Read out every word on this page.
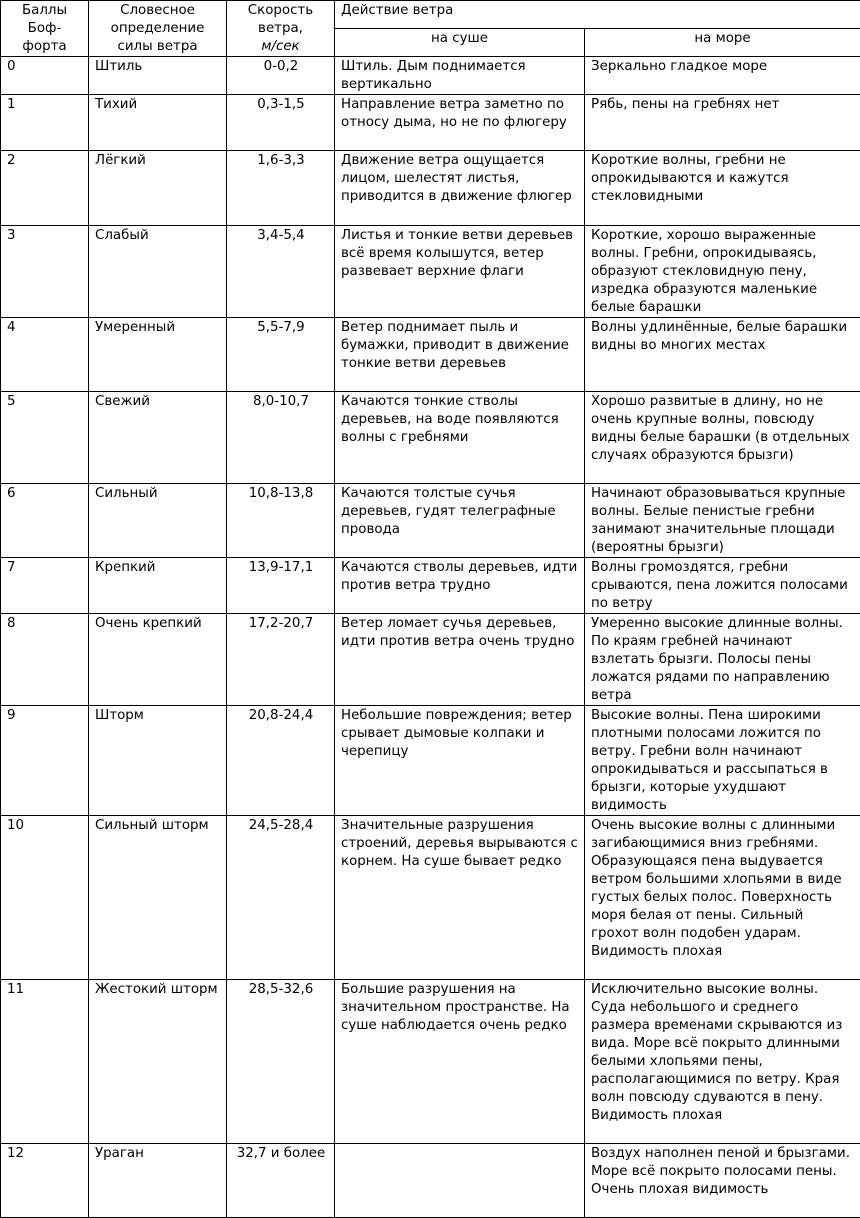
Баллы
Боф-
форта	Словесное
определение
силы ветра	Скорость
ветра,
м/сек	Действие ветра	
			на суше	на море
0	Штиль	0-0,2	Штиль. Дым поднимается вертикально	Зеркально гладкое море
1	Тихий	0,3-1,5	Направление ветра заметно по относу дыма, но не по флюгеру	Рябь, пены на гребнях нет
2	Лёгкий	1,6-3,3	Движение ветра ощущается лицом, шелестят листья, приводится в движение флюгер	Короткие волны, гребни не опрокидываются и кажутся стекловидными
3	Слабый	3,4-5,4	Листья и тонкие ветви деревьев всё время колышутся, ветер развевает верхние флаги	Короткие, хорошо выраженные волны. Гребни, опрокидываясь, образуют стекловидную пену, изредка образуются маленькие белые барашки
4	Умеренный	5,5-7,9	Ветер поднимает пыль и бумажки, приводит в движение тонкие ветви деревьев	Волны удлинённые, белые барашки видны во многих местах
5	Свежий	8,0-10,7	Качаются тонкие стволы деревьев, на воде появляются волны с гребнями	Хорошо развитые в длину, но не очень крупные волны, повсюду видны белые барашки (в отдельных случаях образуются брызги)
6	Сильный	10,8-13,8	Качаются толстые сучья деревьев, гудят телеграфные провода	Начинают образовываться крупные волны. Белые пенистые гребни занимают значительные площади (вероятны брызги)
7	Крепкий	13,9-17,1	Качаются стволы деревьев, идти против ветра трудно	Волны громоздятся, гребни срываются, пена ложится полосами по ветру
8	Очень крепкий	17,2-20,7	Ветер ломает сучья деревьев, идти против ветра очень трудно	Умеренно высокие длинные волны. По краям гребней начинают взлетать брызги. Полосы пены ложатся рядами по направлению ветра
9	Шторм	20,8-24,4	Небольшие повреждения; ветер срывает дымовые колпаки и черепицу	Высокие волны. Пена широкими плотными полосами ложится по ветру. Гребни волн начинают опрокидываться и рассыпаться в брызги, которые ухудшают видимость
10	Сильный шторм	24,5-28,4	Значительные разрушения строений, деревья вырываются с корнем. На суше бывает редко	Очень высокие волны с длинными загибающимися вниз гребнями. Образующаяся пена выдувается ветром большими хлопьями в виде густых белых полос. Поверхность моря белая от пены. Сильный грохот волн подобен ударам. Видимость плохая
11	Жестокий шторм	28,5-32,6	Большие разрушения на значительном пространстве. На суше наблюдается очень редко	Исключительно высокие волны. Суда небольшого и среднего размера временами скрываются из вида. Море всё покрыто длинными белыми хлопьями пены, располагающимися по ветру. Края волн повсюду сдуваются в пену. Видимость плохая
12	Ураган	32,7 и более		Воздух наполнен пеной и брызгами. Море всё покрыто полосами пены. Очень плохая видимость
